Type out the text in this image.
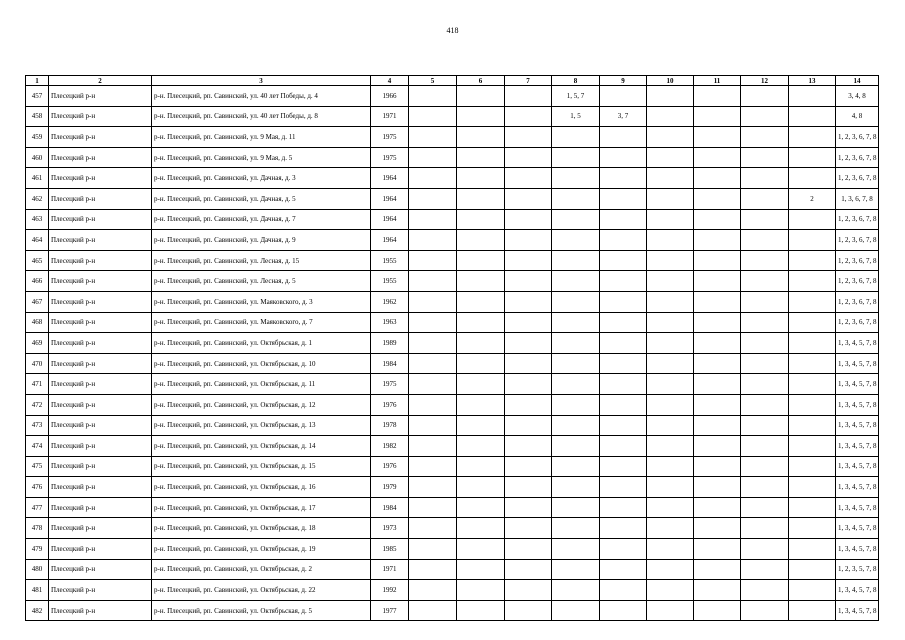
418
1	2	3	4	5	6	7	8	9	10	11	12	13	14
457	Плесецкий р-н	р-н. Плесецкий, рп. Савинский, ул. 40 лет Победы, д. 4	1966				1, 5, 7						3, 4, 8
458	Плесецкий р-н	р-н. Плесецкий, рп. Савинский, ул. 40 лет Победы, д. 8	1971				1, 5	3, 7					4, 8
459	Плесецкий р-н	р-н. Плесецкий, рп. Савинский, ул. 9 Мая, д. 11	1975										1, 2, 3, 6, 7, 8
460	Плесецкий р-н	р-н. Плесецкий, рп. Савинский, ул. 9 Мая, д. 5	1975										1, 2, 3, 6, 7, 8
461	Плесецкий р-н	р-н. Плесецкий, рп. Савинский, ул. Дачная, д. 3	1964										1, 2, 3, 6, 7, 8
462	Плесецкий р-н	р-н. Плесецкий, рп. Савинский, ул. Дачная, д. 5	1964									2	1, 3, 6, 7, 8
463	Плесецкий р-н	р-н. Плесецкий, рп. Савинский, ул. Дачная, д. 7	1964										1, 2, 3, 6, 7, 8
464	Плесецкий р-н	р-н. Плесецкий, рп. Савинский, ул. Дачная, д. 9	1964										1, 2, 3, 6, 7, 8
465	Плесецкий р-н	р-н. Плесецкий, рп. Савинский, ул. Лесная, д. 15	1955										1, 2, 3, 6, 7, 8
466	Плесецкий р-н	р-н. Плесецкий, рп. Савинский, ул. Лесная, д. 5	1955										1, 2, 3, 6, 7, 8
467	Плесецкий р-н	р-н. Плесецкий, рп. Савинский, ул. Маяковского, д. 3	1962										1, 2, 3, 6, 7, 8
468	Плесецкий р-н	р-н. Плесецкий, рп. Савинский, ул. Маяковского, д. 7	1963										1, 2, 3, 6, 7, 8
469	Плесецкий р-н	р-н. Плесецкий, рп. Савинский, ул. Октябрьская, д. 1	1989										1, 3, 4, 5, 7, 8
470	Плесецкий р-н	р-н. Плесецкий, рп. Савинский, ул. Октябрьская, д. 10	1984										1, 3, 4, 5, 7, 8
471	Плесецкий р-н	р-н. Плесецкий, рп. Савинский, ул. Октябрьская, д. 11	1975										1, 3, 4, 5, 7, 8
472	Плесецкий р-н	р-н. Плесецкий, рп. Савинский, ул. Октябрьская, д. 12	1976										1, 3, 4, 5, 7, 8
473	Плесецкий р-н	р-н. Плесецкий, рп. Савинский, ул. Октябрьская, д. 13	1978										1, 3, 4, 5, 7, 8
474	Плесецкий р-н	р-н. Плесецкий, рп. Савинский, ул. Октябрьская, д. 14	1982										1, 3, 4, 5, 7, 8
475	Плесецкий р-н	р-н. Плесецкий, рп. Савинский, ул. Октябрьская, д. 15	1976										1, 3, 4, 5, 7, 8
476	Плесецкий р-н	р-н. Плесецкий, рп. Савинский, ул. Октябрьская, д. 16	1979										1, 3, 4, 5, 7, 8
477	Плесецкий р-н	р-н. Плесецкий, рп. Савинский, ул. Октябрьская, д. 17	1984										1, 3, 4, 5, 7, 8
478	Плесецкий р-н	р-н. Плесецкий, рп. Савинский, ул. Октябрьская, д. 18	1973										1, 3, 4, 5, 7, 8
479	Плесецкий р-н	р-н. Плесецкий, рп. Савинский, ул. Октябрьская, д. 19	1985										1, 3, 4, 5, 7, 8
480	Плесецкий р-н	р-н. Плесецкий, рп. Савинский, ул. Октябрьская, д. 2	1971										1, 2, 3, 5, 7, 8
481	Плесецкий р-н	р-н. Плесецкий, рп. Савинский, ул. Октябрьская, д. 22	1992										1, 3, 4, 5, 7, 8
482	Плесецкий р-н	р-н. Плесецкий, рп. Савинский, ул. Октябрьская, д. 5	1977										1, 3, 4, 5, 7, 8
